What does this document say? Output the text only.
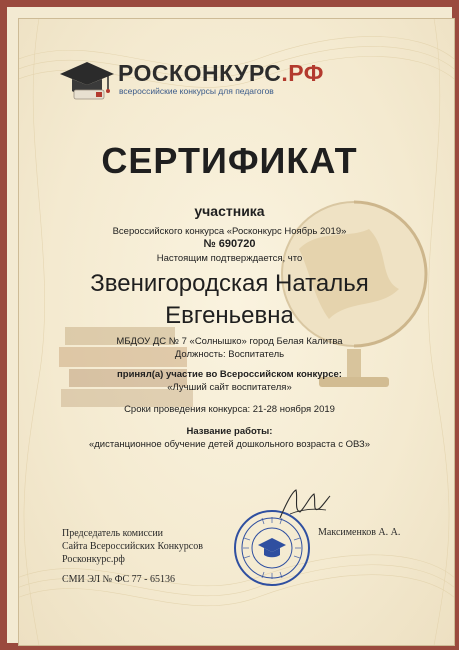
РОСКОНКУРС.РФ
всероссийские конкурсы для педагогов
СЕРТИФИКАТ
участника
Всероссийского конкурса «Росконкурс Ноябрь 2019»
№ 690720
Настоящим подтверждается, что
Звенигородская Наталья
Евгеньевна
МБДОУ ДС № 7 «Солнышко» город Белая Калитва
Должность: Воспитатель
принял(а) участие во Всероссийском конкурсе:
«Лучший сайт воспитателя»
Сроки проведения конкурса: 21-28 ноября 2019
Название работы:
«дистанционное обучение детей дошкольного возраста с ОВЗ»
Председатель комиссии
Сайта Всероссийских Конкурсов
Росконкурс.рф
Максименков А. А.
СМИ ЭЛ № ФС 77 - 65136
